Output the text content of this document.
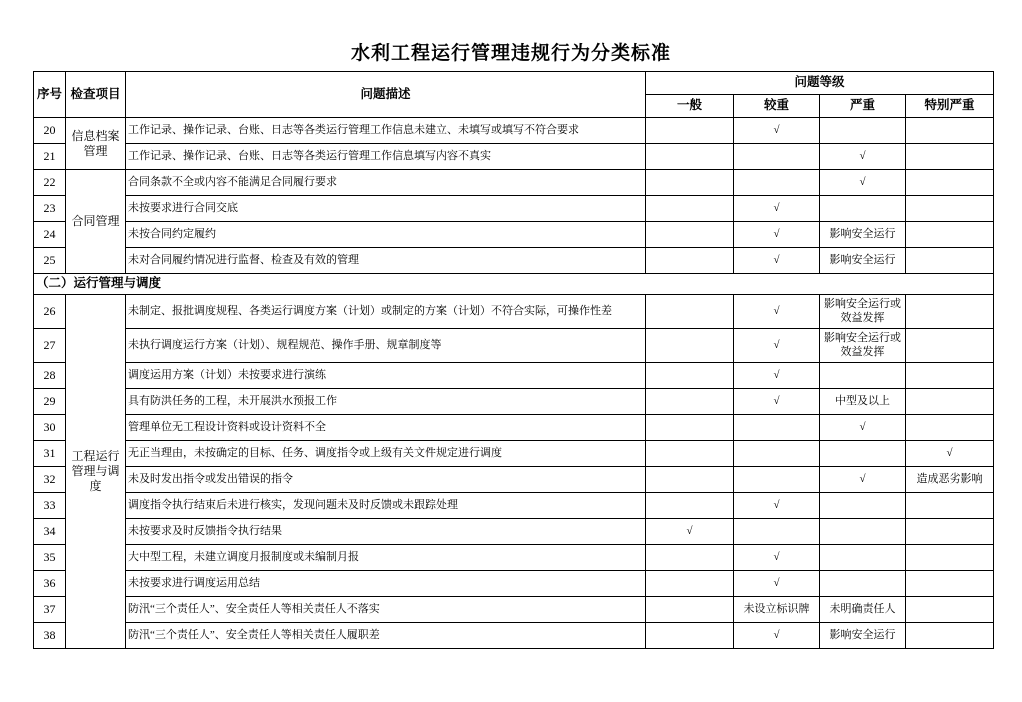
水利工程运行管理违规行为分类标准
序号	检查项目	问题描述	问题等级			
			一般	较重	严重	特别严重
20	信息档案管理	工作记录、操作记录、台账、日志等各类运行管理工作信息未建立、未填写或填写不符合要求		√		
21		工作记录、操作记录、台账、日志等各类运行管理工作信息填写内容不真实			√	
22	合同管理	合同条款不全或内容不能满足合同履行要求			√	
23		未按要求进行合同交底		√		
24		未按合同约定履约		√	影响安全运行	
25		未对合同履约情况进行监督、检查及有效的管理		√	影响安全运行	
（二）运行管理与调度						
26	工程运行管理与调度	未制定、报批调度规程、各类运行调度方案（计划）或制定的方案（计划）不符合实际，可操作性差		√	影响安全运行或效益发挥	
27		未执行调度运行方案（计划）、规程规范、操作手册、规章制度等		√	影响安全运行或效益发挥	
28		调度运用方案（计划）未按要求进行演练		√		
29		具有防洪任务的工程，未开展洪水预报工作		√	中型及以上	
30		管理单位无工程设计资料或设计资料不全			√	
31		无正当理由，未按确定的目标、任务、调度指令或上级有关文件规定进行调度				√
32		未及时发出指令或发出错误的指令			√	造成恶劣影响
33		调度指令执行结束后未进行核实，发现问题未及时反馈或未跟踪处理		√		
34		未按要求及时反馈指令执行结果	√			
35		大中型工程，未建立调度月报制度或未编制月报		√		
36		未按要求进行调度运用总结		√		
37		防汛“三个责任人”、安全责任人等相关责任人不落实		未设立标识牌	未明确责任人	
38		防汛“三个责任人”、安全责任人等相关责任人履职差		√	影响安全运行	
